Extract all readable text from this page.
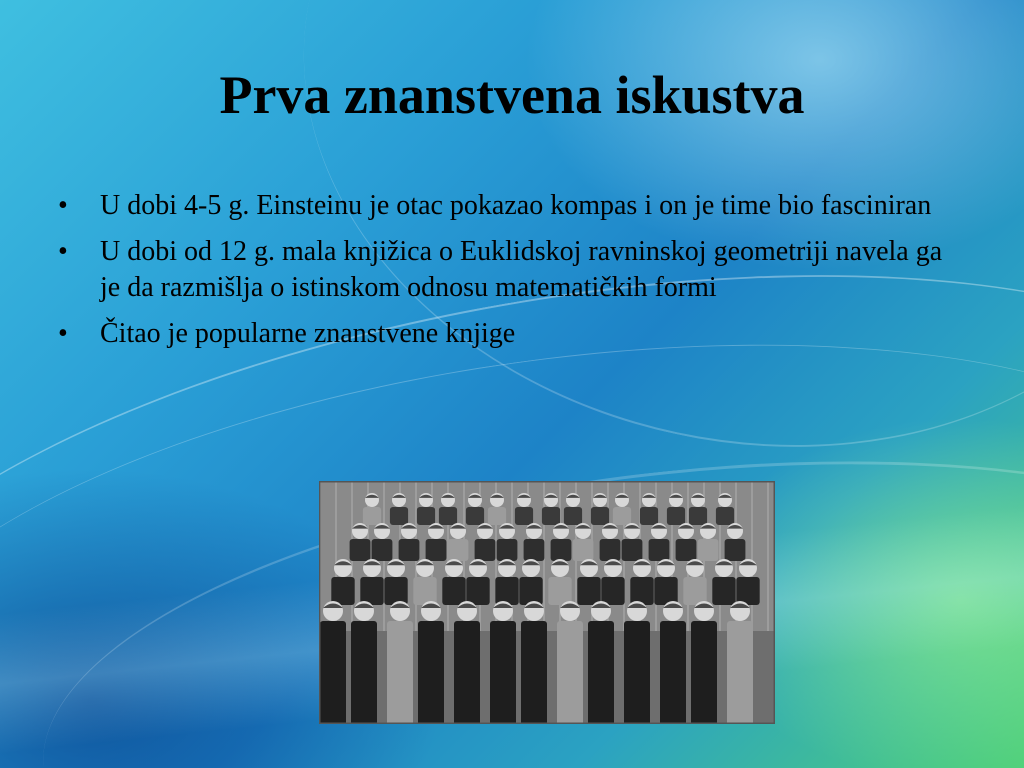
Prva znanstvena iskustva
•	U dobi 4-5 g. Einsteinu je otac pokazao kompas i on je time bio fasciniran
•	U dobi od 12 g. mala knjižica o Euklidskoj ravninskoj geometriji navela ga je da razmišlja o istinskom odnosu matematičkih formi
•	Čitao je popularne znanstvene knjige
